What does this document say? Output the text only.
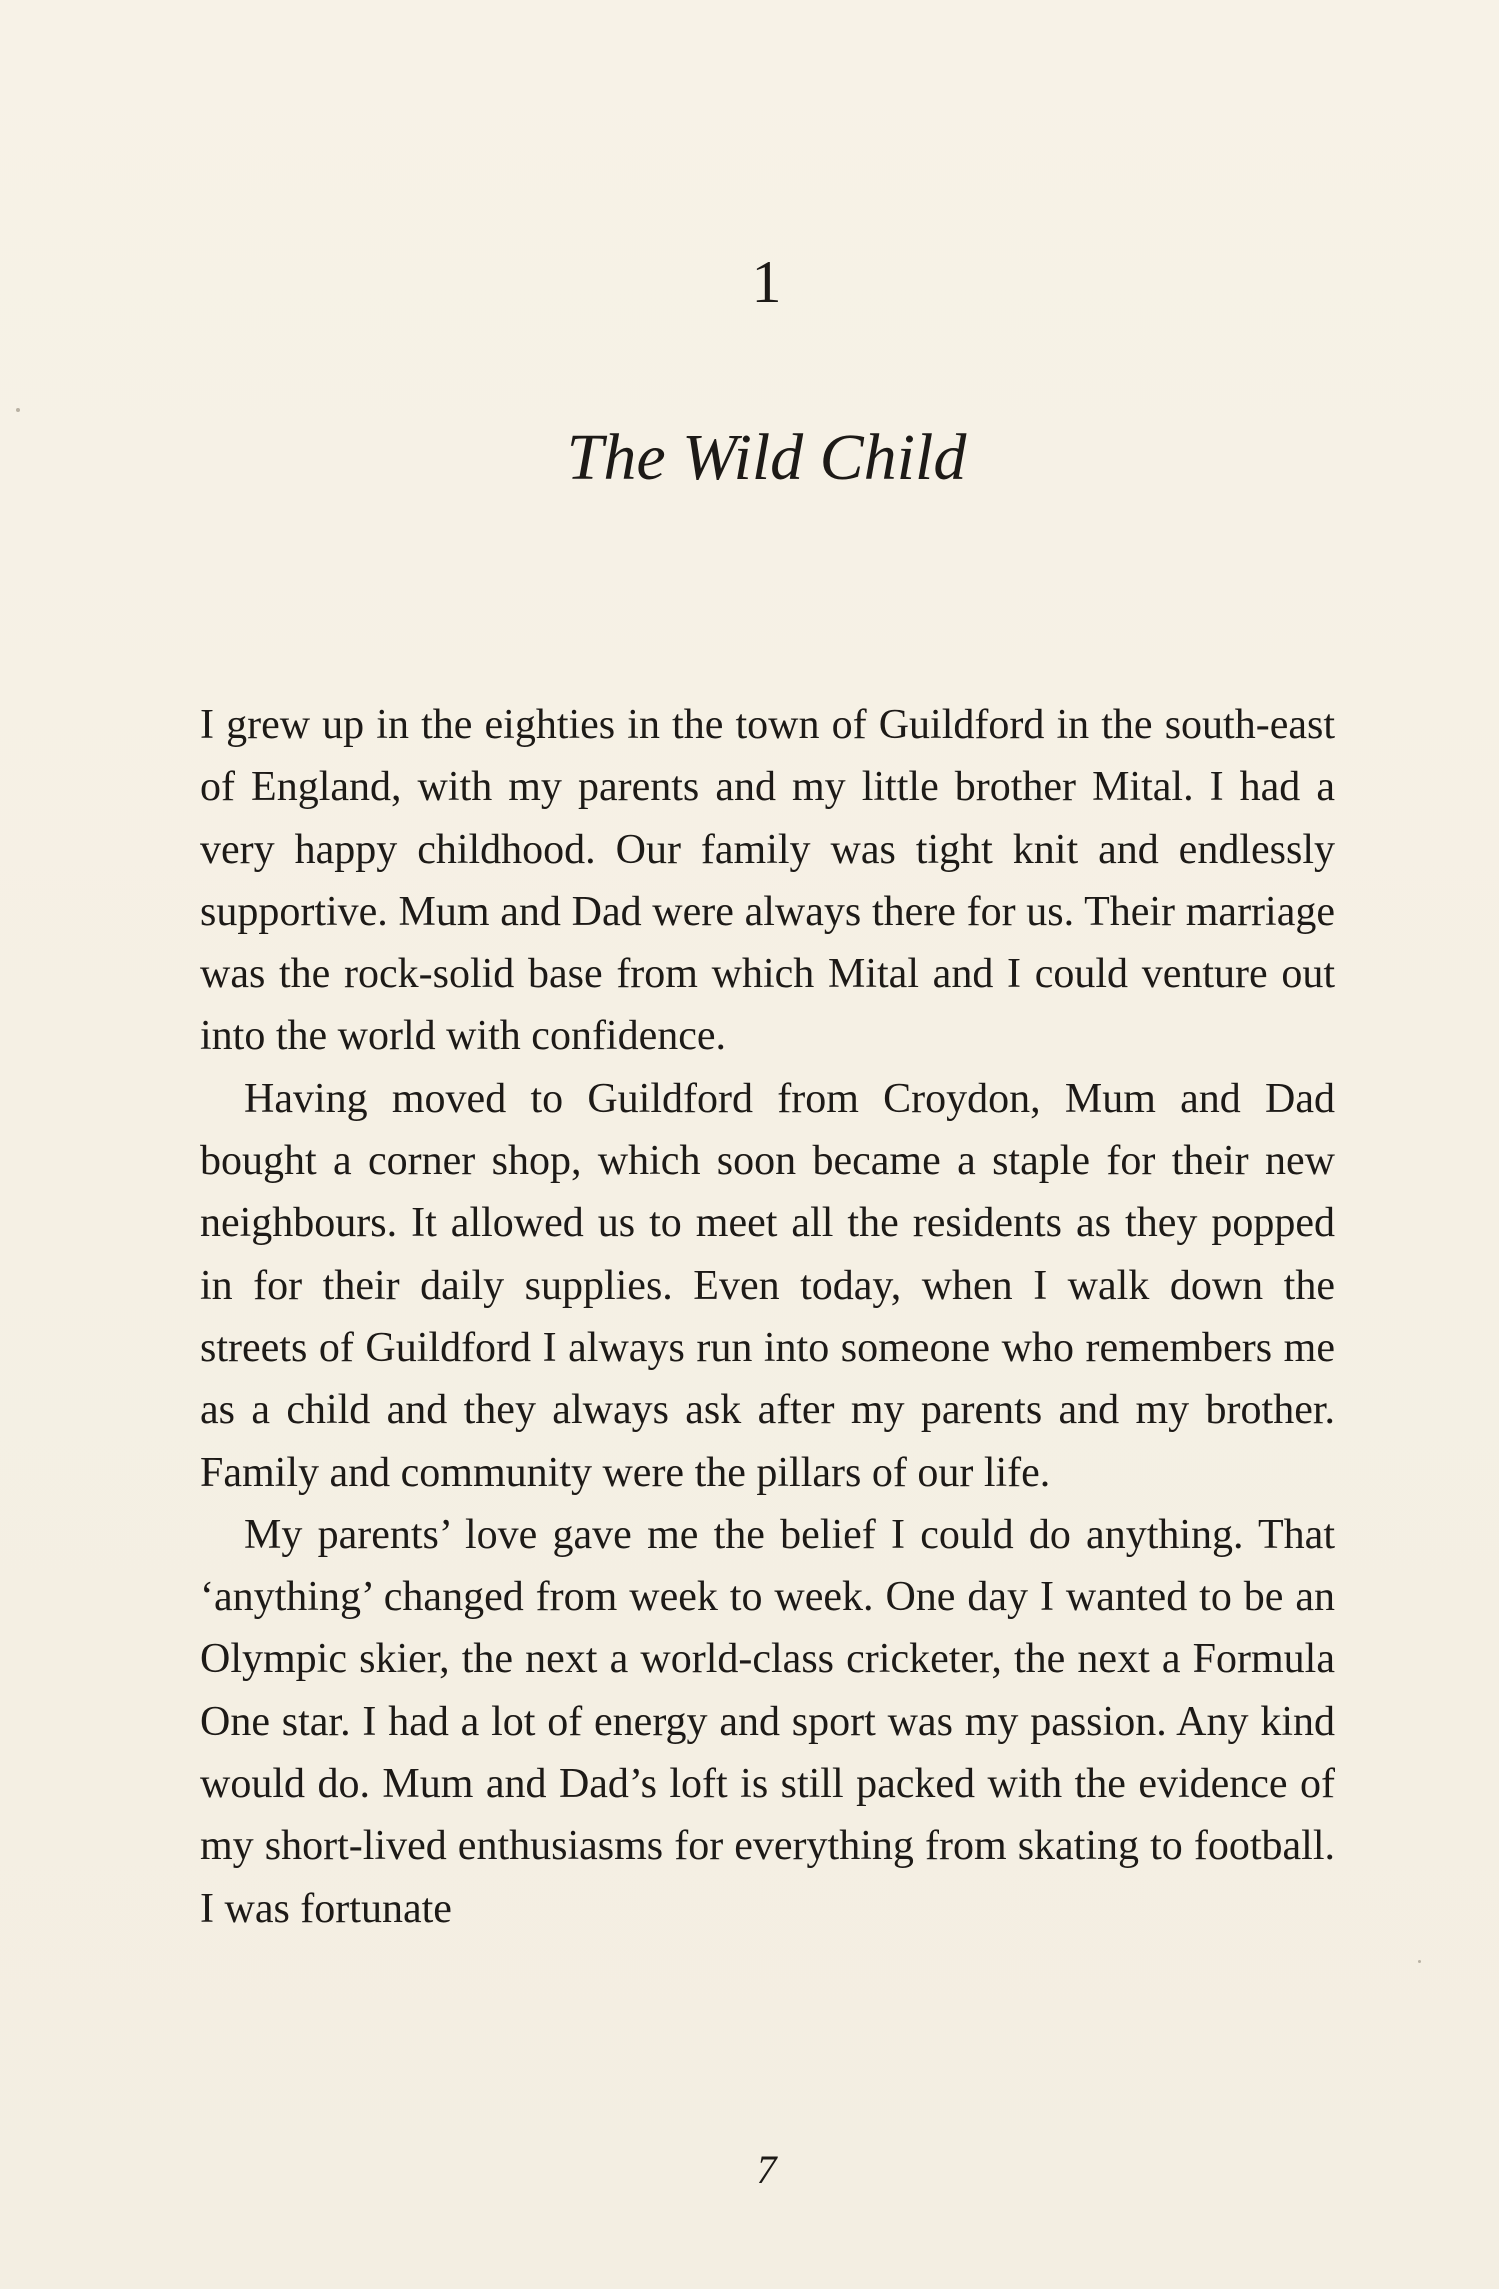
1
The Wild Child

I grew up in the eighties in the town of Guildford in the south-east of England, with my parents and my little brother Mital. I had a very happy childhood. Our family was tight knit and endlessly supportive. Mum and Dad were always there for us. Their marriage was the rock-solid base from which Mital and I could venture out into the world with confidence.

Having moved to Guildford from Croydon, Mum and Dad bought a corner shop, which soon became a staple for their new neighbours. It allowed us to meet all the residents as they popped in for their daily supplies. Even today, when I walk down the streets of Guildford I always run into someone who remembers me as a child and they always ask after my parents and my brother. Family and community were the pillars of our life.

My parents’ love gave me the belief I could do anything. That ‘anything’ changed from week to week. One day I wanted to be an Olympic skier, the next a world-class cricketer, the next a Formula One star. I had a lot of energy and sport was my passion. Any kind would do. Mum and Dad’s loft is still packed with the evidence of my short-lived enthusiasms for everything from skating to football. I was fortunate

7
